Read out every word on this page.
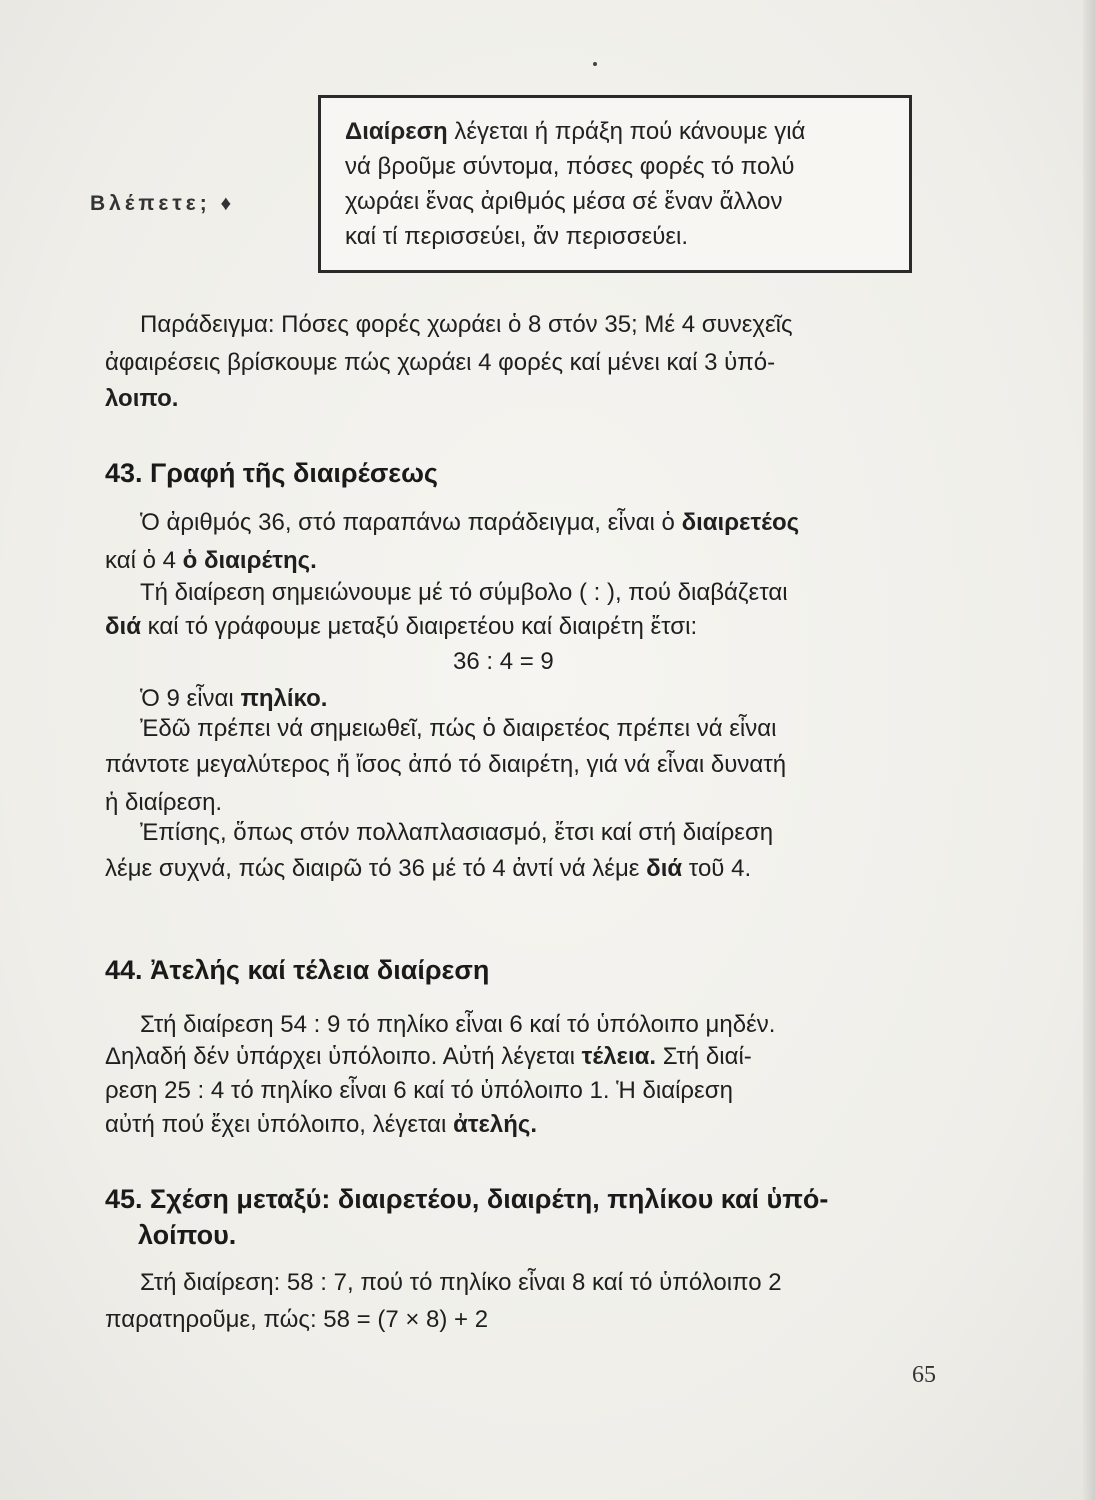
Διαίρεση λέγεται ή πράξη πού κάνουμε γιά
νά βροῦμε σύντομα, πόσες φορές τό πολύ
χωράει ἕνας ἀριθμός μέσα σέ ἕναν ἄλλον
καί τί περισσεύει, ἄν περισσεύει.
Βλέπετε; ♦
Παράδειγμα: Πόσες φορές χωράει ὁ 8 στόν 35; Μέ 4 συνεχεῖς
ἀφαιρέσεις βρίσκουμε πώς χωράει 4 φορές καί μένει καί 3 ὑπό-
λοιπο.
43. Γραφή τῆς διαιρέσεως
Ὁ ἀριθμός 36, στό παραπάνω παράδειγμα, εἶναι ὁ διαιρετέος
καί ὁ 4 ὁ διαιρέτης.
Τή διαίρεση σημειώνουμε μέ τό σύμβολο ( : ), πού διαβάζεται
διά καί τό γράφουμε μεταξύ διαιρετέου καί διαιρέτη ἔτσι:
36 : 4 = 9
Ὁ 9 εἶναι πηλίκο.
Ἐδῶ πρέπει νά σημειωθεῖ, πώς ὁ διαιρετέος πρέπει νά εἶναι
πάντοτε μεγαλύτερος ἤ ἴσος ἀπό τό διαιρέτη, γιά νά εἶναι δυνατή
ἡ διαίρεση.
Ἐπίσης, ὅπως στόν πολλαπλασιασμό, ἔτσι καί στή διαίρεση
λέμε συχνά, πώς διαιρῶ τό 36 μέ τό 4 ἀντί νά λέμε διά τοῦ 4.
44. Ἀτελής καί τέλεια διαίρεση
Στή διαίρεση 54 : 9 τό πηλίκο εἶναι 6 καί τό ὑπόλοιπο μηδέν.
Δηλαδή δέν ὑπάρχει ὑπόλοιπο. Αὐτή λέγεται τέλεια. Στή διαί-
ρεση 25 : 4 τό πηλίκο εἶναι 6 καί τό ὑπόλοιπο 1. Ἡ διαίρεση
αὐτή πού ἔχει ὑπόλοιπο, λέγεται ἀτελής.
45. Σχέση μεταξύ: διαιρετέου, διαιρέτη, πηλίκου καί ὑπό-
λοίπου.
Στή διαίρεση: 58 : 7, πού τό πηλίκο εἶναι 8 καί τό ὑπόλοιπο 2
παρατηροῦμε, πώς: 58 = (7 × 8) + 2
65
